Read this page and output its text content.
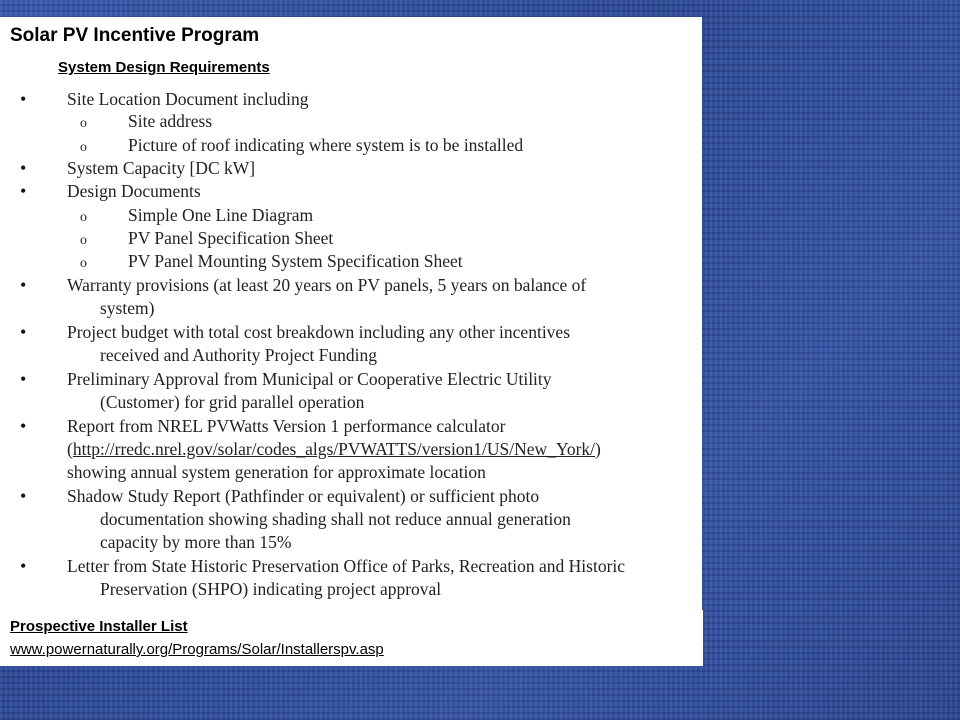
Solar PV Incentive Program
System Design Requirements
• Site Location Document including
o Site address
o Picture of roof indicating where system is to be installed
• System Capacity [DC kW]
• Design Documents
o Simple One Line Diagram
o PV Panel Specification Sheet
o PV Panel Mounting System Specification Sheet
• Warranty provisions (at least 20 years on PV panels, 5 years on balance of
system)
• Project budget with total cost breakdown including any other incentives
received and Authority Project Funding
• Preliminary Approval from Municipal or Cooperative Electric Utility
(Customer) for grid parallel operation
• Report from NREL PVWatts Version 1 performance calculator
(http://rredc.nrel.gov/solar/codes_algs/PVWATTS/version1/US/New_York/)
showing annual system generation for approximate location
• Shadow Study Report (Pathfinder or equivalent) or sufficient photo
documentation showing shading shall not reduce annual generation
capacity by more than 15%
• Letter from State Historic Preservation Office of Parks, Recreation and Historic
Preservation (SHPO) indicating project approval
Prospective Installer List
www.powernaturally.org/Programs/Solar/Installerspv.asp
